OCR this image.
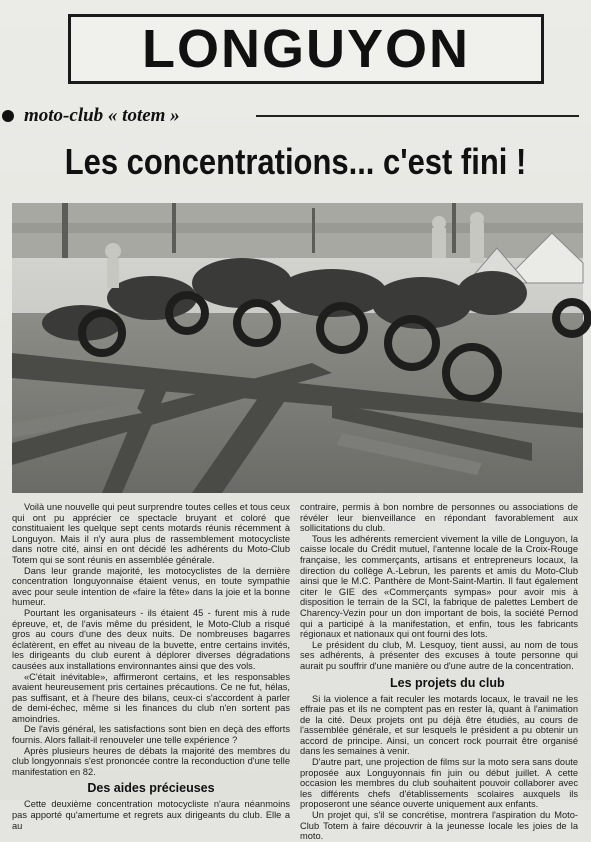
LONGUYON
moto-club « totem »
Les concentrations... c'est fini !

Voilà une nouvelle qui peut surprendre toutes celles et tous ceux qui ont pu apprécier ce spectacle bruyant et coloré que constituaient les quelque sept cents motards réunis récemment à Longuyon. Mais il n'y aura plus de rassemblement motocycliste dans notre cité, ainsi en ont décidé les adhérents du Moto-Club Totem qui se sont réunis en assemblée générale.

Dans leur grande majorité, les motocyclistes de la dernière concentration longuyonnaise étaient venus, en toute sympathie avec pour seule intention de «faire la fête» dans la joie et la bonne humeur.

Pourtant les organisateurs - ils étaient 45 - furent mis à rude épreuve, et, de l'avis même du président, le Moto-Club a risqué gros au cours d'une des deux nuits. De nombreuses bagarres éclatèrent, en effet au niveau de la buvette, entre certains invités, les dirigeants du club eurent à déplorer diverses dégradations causées aux installations environnantes ainsi que des vols.

«C'était inévitable», affirmeront certains, et les responsables avaient heureusement pris certaines précautions. Ce ne fut, hélas, pas suffisant, et à l'heure des bilans, ceux-ci s'accordent à parler de demi-échec, même si les finances du club n'en sortent pas amoindries.

De l'avis général, les satisfactions sont bien en deçà des efforts fournis. Alors fallait-il renouveler une telle expérience ?

Après plusieurs heures de débats la majorité des membres du club longyonnais s'est prononcée contre la reconduction d'une telle manifestation en 82.

Des aides précieuses

Cette deuxième concentration motocycliste n'aura néanmoins pas apporté qu'amertume et regrets aux dirigeants du club. Elle a au

contraire, permis à bon nombre de personnes ou associations de révéler leur bienveillance en répondant favorablement aux sollicitations du club.

Tous les adhérents remercient vivement la ville de Longuyon, la caisse locale du Crédit mutuel, l'antenne locale de la Croix-Rouge française, les commerçants, artisans et entrepreneurs locaux, la direction du collège A.-Lebrun, les parents et amis du Moto-Club ainsi que le M.C. Panthère de Mont-Saint-Martin. Il faut également citer le GIE des «Commerçants sympas» pour avoir mis à disposition le terrain de la SCI, la fabrique de palettes Lembert de Charency-Vezin pour un don important de bois, la société Pernod qui a participé à la manifestation, et enfin, tous les fabricants régionaux et nationaux qui ont fourni des lots.

Le président du club, M. Lesquoy, tient aussi, au nom de tous ses adhérents, à présenter des excuses à toute personne qui aurait pu souffrir d'une manière ou d'une autre de la concentration.

Les projets du club

Si la violence a fait reculer les motards locaux, le travail ne les effraie pas et ils ne comptent pas en rester là, quant à l'animation de la cité. Deux projets ont pu déjà être étudiés, au cours de l'assemblée générale, et sur lesquels le président a pu obtenir un accord de principe. Ainsi, un concert rock pourrait être organisé dans les semaines à venir.

D'autre part, une projection de films sur la moto sera sans doute proposée aux Longuyonnais fin juin ou début juillet. A cette occasion les membres du club souhaitent pouvoir collaborer avec les différents chefs d'établissements scolaires auxquels ils proposeront une séance ouverte uniquement aux enfants.

Un projet qui, s'il se concrétise, montrera l'aspiration du Moto-Club Totem à faire découvrir à la jeunesse locale les joies de la moto.
